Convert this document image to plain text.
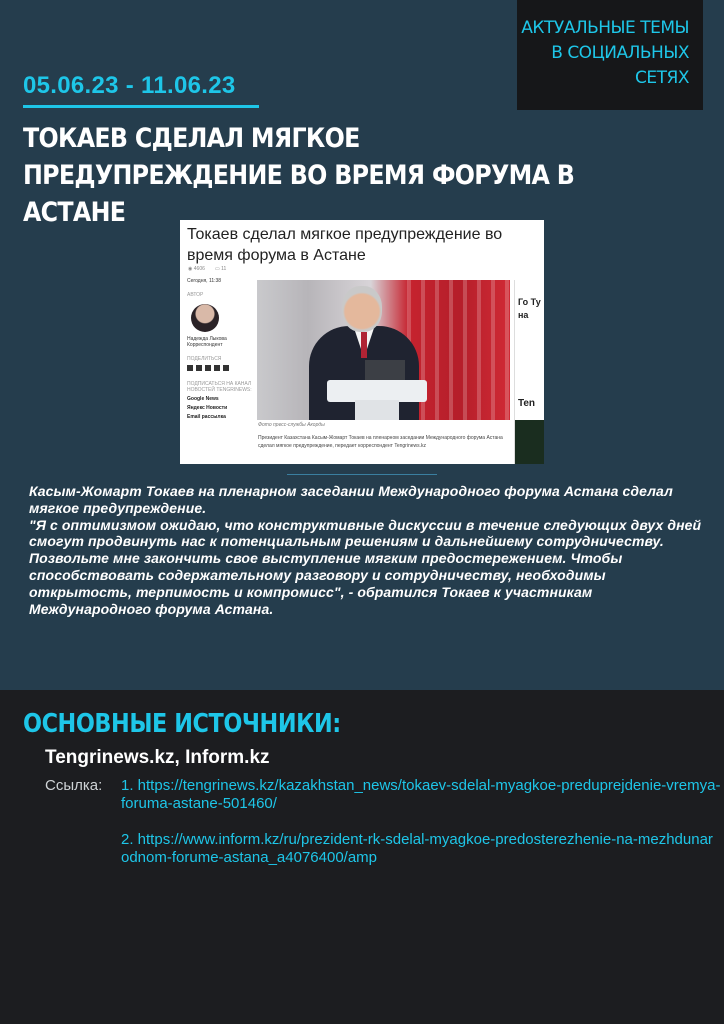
АКТУАЛЬНЫЕ ТЕМЫ
В СОЦИАЛЬНЫХ
СЕТЯХ
05.06.23 - 11.06.23
ТОКАЕВ СДЕЛАЛ МЯГКОЕ ПРЕДУПРЕЖДЕНИЕ ВО ВРЕМЯ ФОРУМА В АСТАНЕ
Токаев сделал мягкое предупреждение во время форума в Астане
◉ 4606 ▭ 11
Сегодня, 11:38
АВТОР
Надежда Лыкова
Корреспондент
ПОДЕЛИТЬСЯ
ПОДПИСАТЬСЯ НА КАНАЛ НОВОСТЕЙ TENGRINEWS:
Google News
Яндекс Новости
Email рассылка
Фото пресс-службы Акорды
Президент Казахстана Касым-Жомарт Токаев на пленарном заседании Международного форума Астана сделал мягкое предупреждение, передает корреспондент Tengrinews.kz
Го Ту на
Ten

Касым-Жомарт Токаев на пленарном заседании Международного форума Астана сделал мягкое предупреждение.
"Я с оптимизмом ожидаю, что конструктивные дискуссии в течение следующих двух дней смогут продвинуть нас к потенциальным решениям и дальнейшему сотрудничеству.
Позвольте мне закончить свое выступление мягким предостережением. Чтобы способствовать содержательному разговору и сотрудничеству, необходимы открытость, терпимость и компромисс", - обратился Токаев к участникам Международного форума Астана.

ОСНОВНЫЕ ИСТОЧНИКИ:
Tengrinews.kz, Inform.kz
Ссылка: 1. https://tengrinews.kz/kazakhstan_news/tokaev-sdelal-myagkoe-preduprejdenie-vremya-foruma-astane-501460/
2. https://www.inform.kz/ru/prezident-rk-sdelal-myagkoe-predosterezhenie-na-mezhdunarodnom-forume-astana_a4076400/amp
